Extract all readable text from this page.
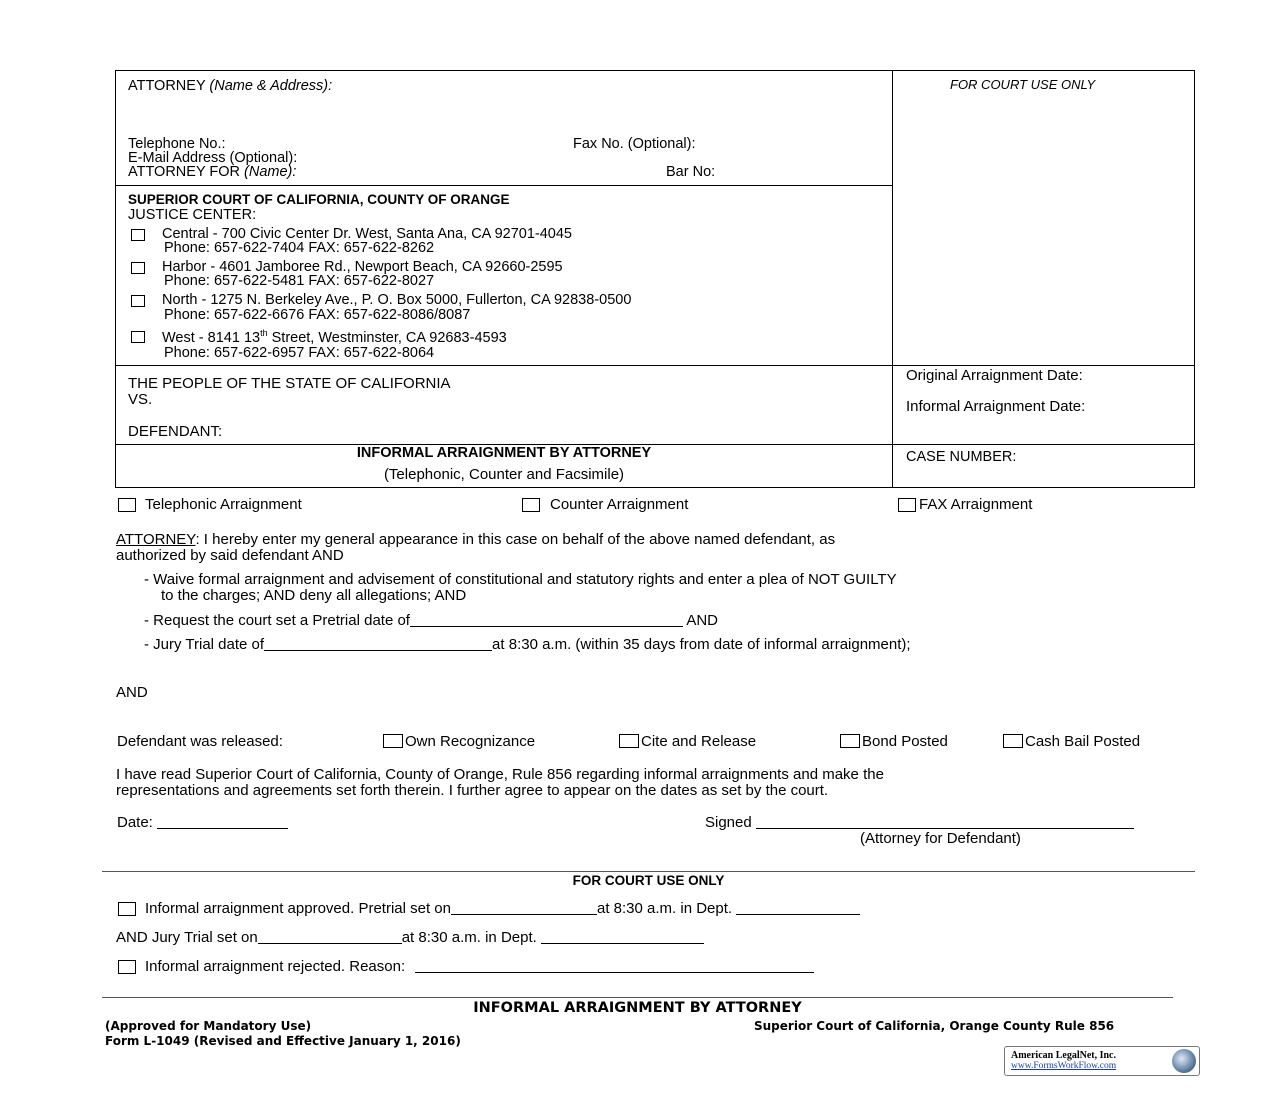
ATTORNEY (Name & Address):	FOR COURT USE ONLY
Telephone No.:	Fax No. (Optional):
E-Mail Address (Optional):
ATTORNEY FOR (Name):	Bar No:
SUPERIOR COURT OF CALIFORNIA, COUNTY OF ORANGE
JUSTICE CENTER:
Central - 700 Civic Center Dr. West, Santa Ana, CA 92701-4045
Phone: 657-622-7404 FAX: 657-622-8262
Harbor - 4601 Jamboree Rd., Newport Beach, CA 92660-2595
Phone: 657-622-5481 FAX: 657-622-8027
North - 1275 N. Berkeley Ave., P. O. Box 5000, Fullerton, CA 92838-0500
Phone: 657-622-6676 FAX: 657-622-8086/8087
West - 8141 13th Street, Westminster, CA 92683-4593
Phone: 657-622-6957 FAX: 657-622-8064
THE PEOPLE OF THE STATE OF CALIFORNIA
VS.
DEFENDANT:
Original Arraignment Date:
Informal Arraignment Date:
INFORMAL ARRAIGNMENT BY ATTORNEY
(Telephonic, Counter and Facsimile)
CASE NUMBER:
Telephonic Arraignment	Counter Arraignment	FAX Arraignment
ATTORNEY: I hereby enter my general appearance in this case on behalf of the above named defendant, as
authorized by said defendant AND
- Waive formal arraignment and advisement of constitutional and statutory rights and enter a plea of NOT GUILTY
to the charges; AND deny all allegations; AND
- Request the court set a Pretrial date of	AND
- Jury Trial date of	at 8:30 a.m. (within 35 days from date of informal arraignment);
AND
Defendant was released:	Own Recognizance	Cite and Release	Bond Posted	Cash Bail Posted
I have read Superior Court of California, County of Orange, Rule 856 regarding informal arraignments and make the
representations and agreements set forth therein. I further agree to appear on the dates as set by the court.
Date:	Signed
(Attorney for Defendant)
FOR COURT USE ONLY
Informal arraignment approved. Pretrial set on	at 8:30 a.m. in Dept.
AND Jury Trial set on	at 8:30 a.m. in Dept.
Informal arraignment rejected. Reason:
INFORMAL ARRAIGNMENT BY ATTORNEY
(Approved for Mandatory Use)	Superior Court of California, Orange County Rule 856
Form L-1049 (Revised and Effective January 1, 2016)
American LegalNet, Inc.
www.FormsWorkFlow.com
